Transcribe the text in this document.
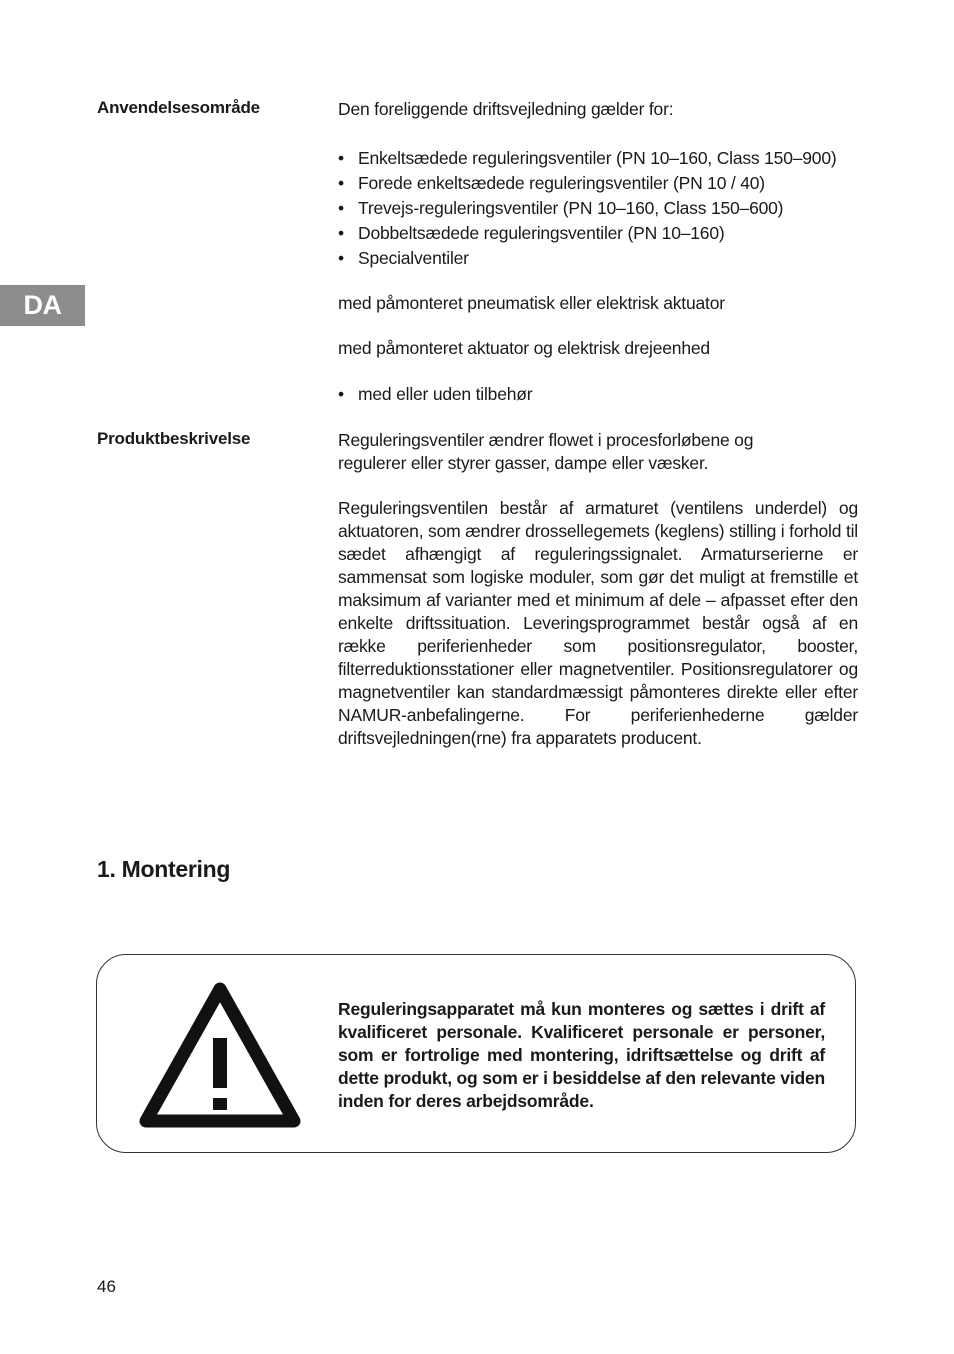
Anvendelsesområde	Den foreliggende driftsvejledning gælder for:
• Enkeltsædede reguleringsventiler (PN 10–160, Class 150–900)
• Forede enkeltsædede reguleringsventiler (PN 10 / 40)
• Trevejs-reguleringsventiler (PN 10–160, Class 150–600)
• Dobbeltsædede reguleringsventiler (PN 10–160)
• Specialventiler
DA	med påmonteret pneumatisk eller elektrisk aktuator
med påmonteret aktuator og elektrisk drejeenhed
• med eller uden tilbehør
Produktbeskrivelse	Reguleringsventiler ændrer flowet i procesforløbene og regulerer eller styrer gasser, dampe eller væsker.
Reguleringsventilen består af armaturet (ventilens underdel) og aktuatoren, som ændrer drossellegemets (keglens) stilling i forhold til sædet afhængigt af reguleringssignalet. Armaturserierne er sammensat som logiske moduler, som gør det muligt at fremstille et maksimum af varianter med et minimum af dele – afpasset efter den enkelte driftssituation. Leveringsprogrammet består også af en række periferienheder som positionsregulator, booster, filterreduktionsstationer eller magnetventiler. Positionsregulatorer og magnetventiler kan standardmæssigt påmonteres direkte eller efter NAMUR-anbefalingerne. For periferienhederne gælder driftsvejledningen(rne) fra apparatets producent.
1. Montering
Reguleringsapparatet må kun monteres og sættes i drift af kvalificeret personale. Kvalificeret personale er personer, som er fortrolige med montering, idriftsættelse og drift af dette produkt, og som er i besiddelse af den relevante viden inden for deres arbejdsområde.
46
